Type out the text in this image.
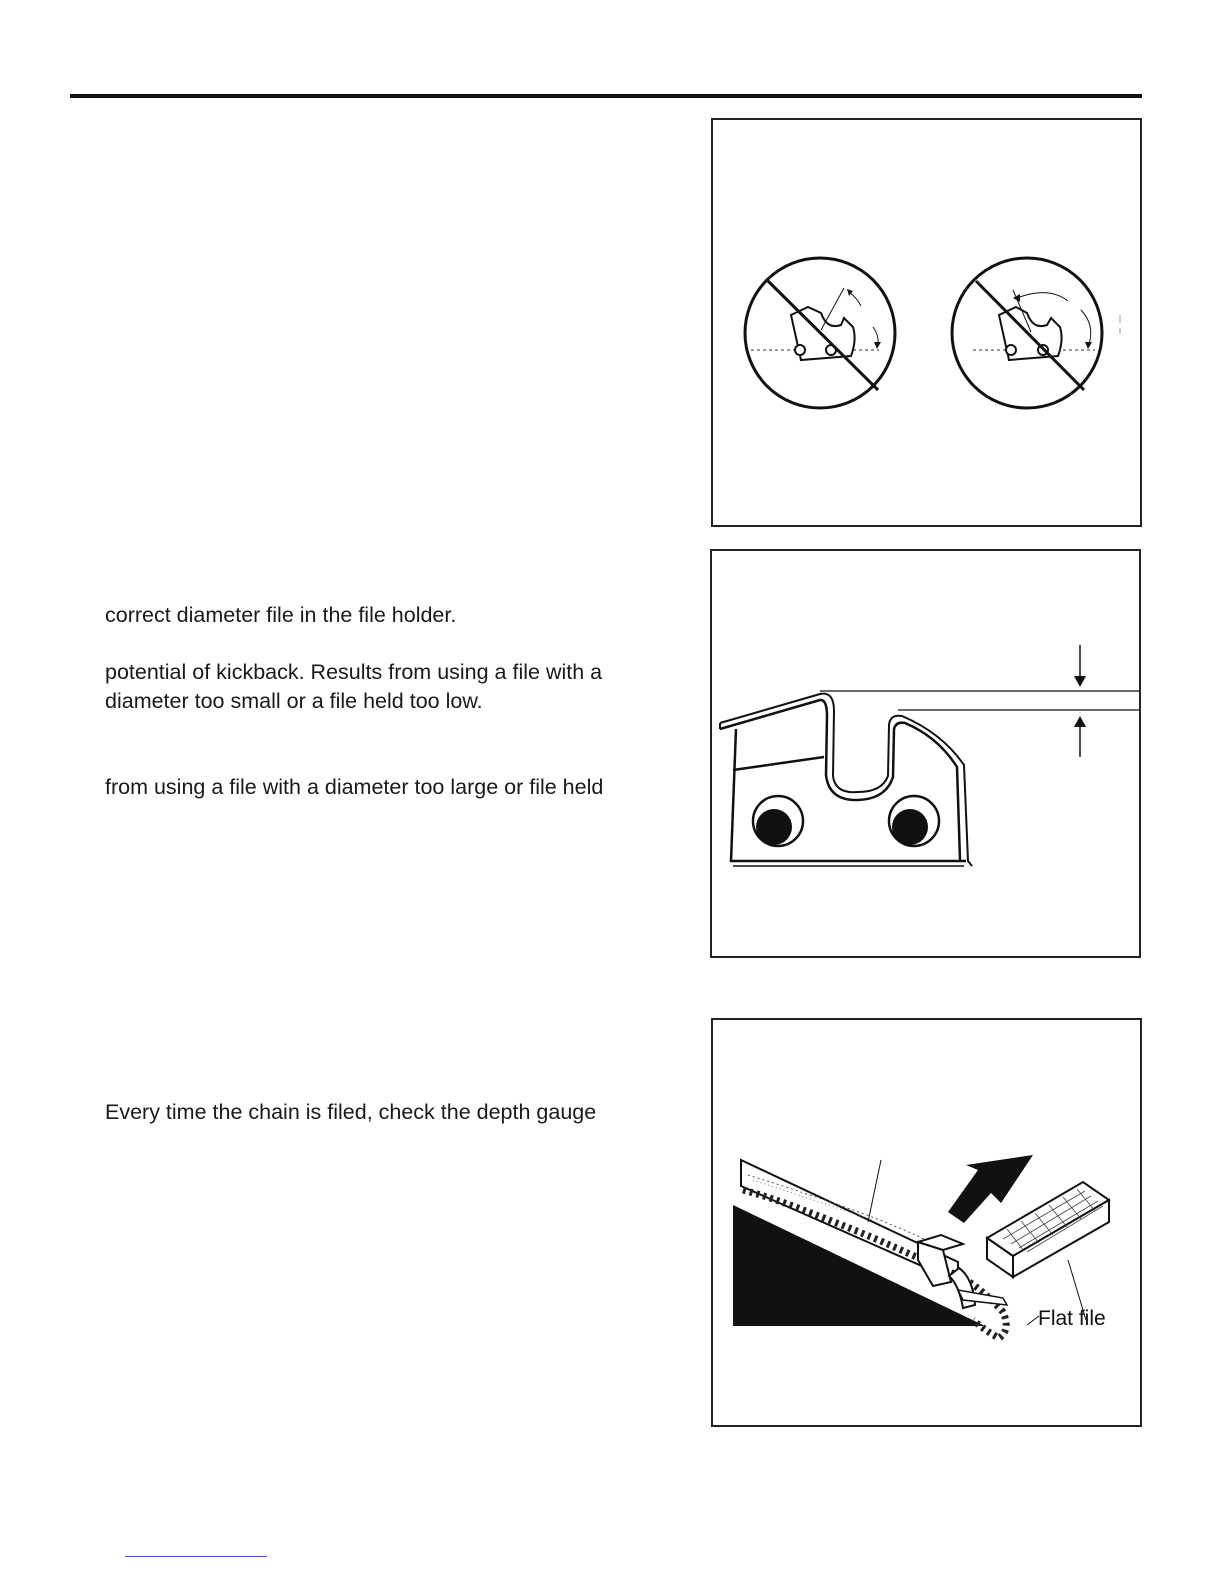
Flat file
correct diameter file in the file holder.
potential of kickback. Results from using a file with a
diameter too small or a file held too low.
from using a file with a diameter too large or file held
Every time the chain is filed, check the depth gauge
